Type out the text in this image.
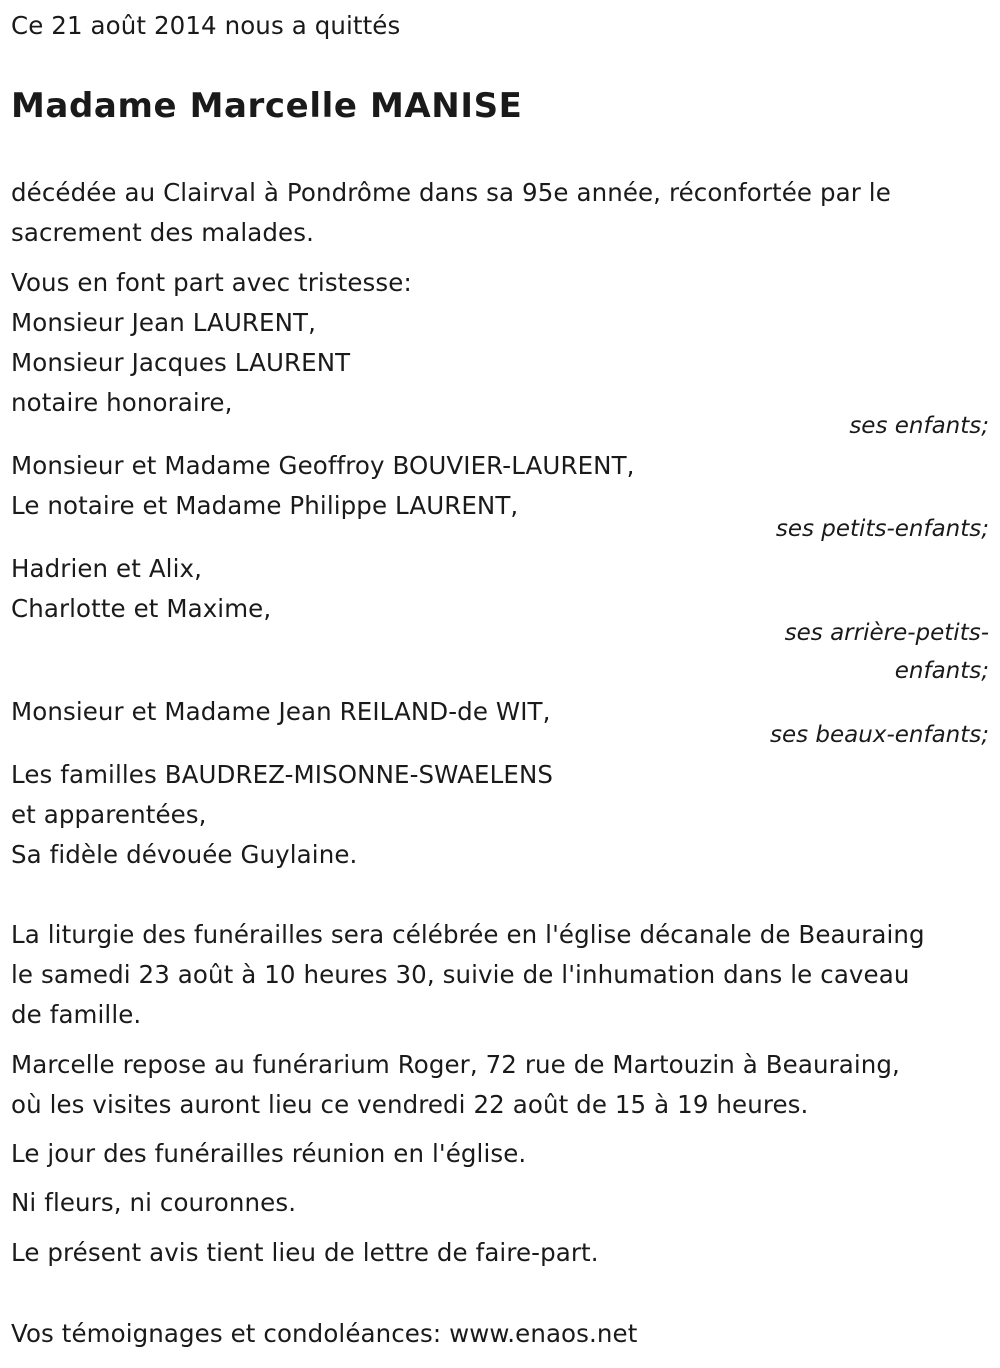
Ce 21 août 2014 nous a quittés
Madame Marcelle MANISE
décédée au Clairval à Pondrôme dans sa 95e année, réconfortée par le
sacrement des malades.
Vous en font part avec tristesse:
Monsieur Jean LAURENT,
Monsieur Jacques LAURENT
notaire honoraire,
ses enfants;
Monsieur et Madame Geoffroy BOUVIER-LAURENT,
Le notaire et Madame Philippe LAURENT,
ses petits-enfants;
Hadrien et Alix,
Charlotte et Maxime,
ses arrière-petits-
enfants;
Monsieur et Madame Jean REILAND-de WIT,
ses beaux-enfants;
Les familles BAUDREZ-MISONNE-SWAELENS
et apparentées,
Sa fidèle dévouée Guylaine.
La liturgie des funérailles sera célébrée en l'église décanale de Beauraing
le samedi 23 août à 10 heures 30, suivie de l'inhumation dans le caveau
de famille.
Marcelle repose au funérarium Roger, 72 rue de Martouzin à Beauraing,
où les visites auront lieu ce vendredi 22 août de 15 à 19 heures.
Le jour des funérailles réunion en l'église.
Ni fleurs, ni couronnes.
Le présent avis tient lieu de lettre de faire-part.
Vos témoignages et condoléances: www.enaos.net
